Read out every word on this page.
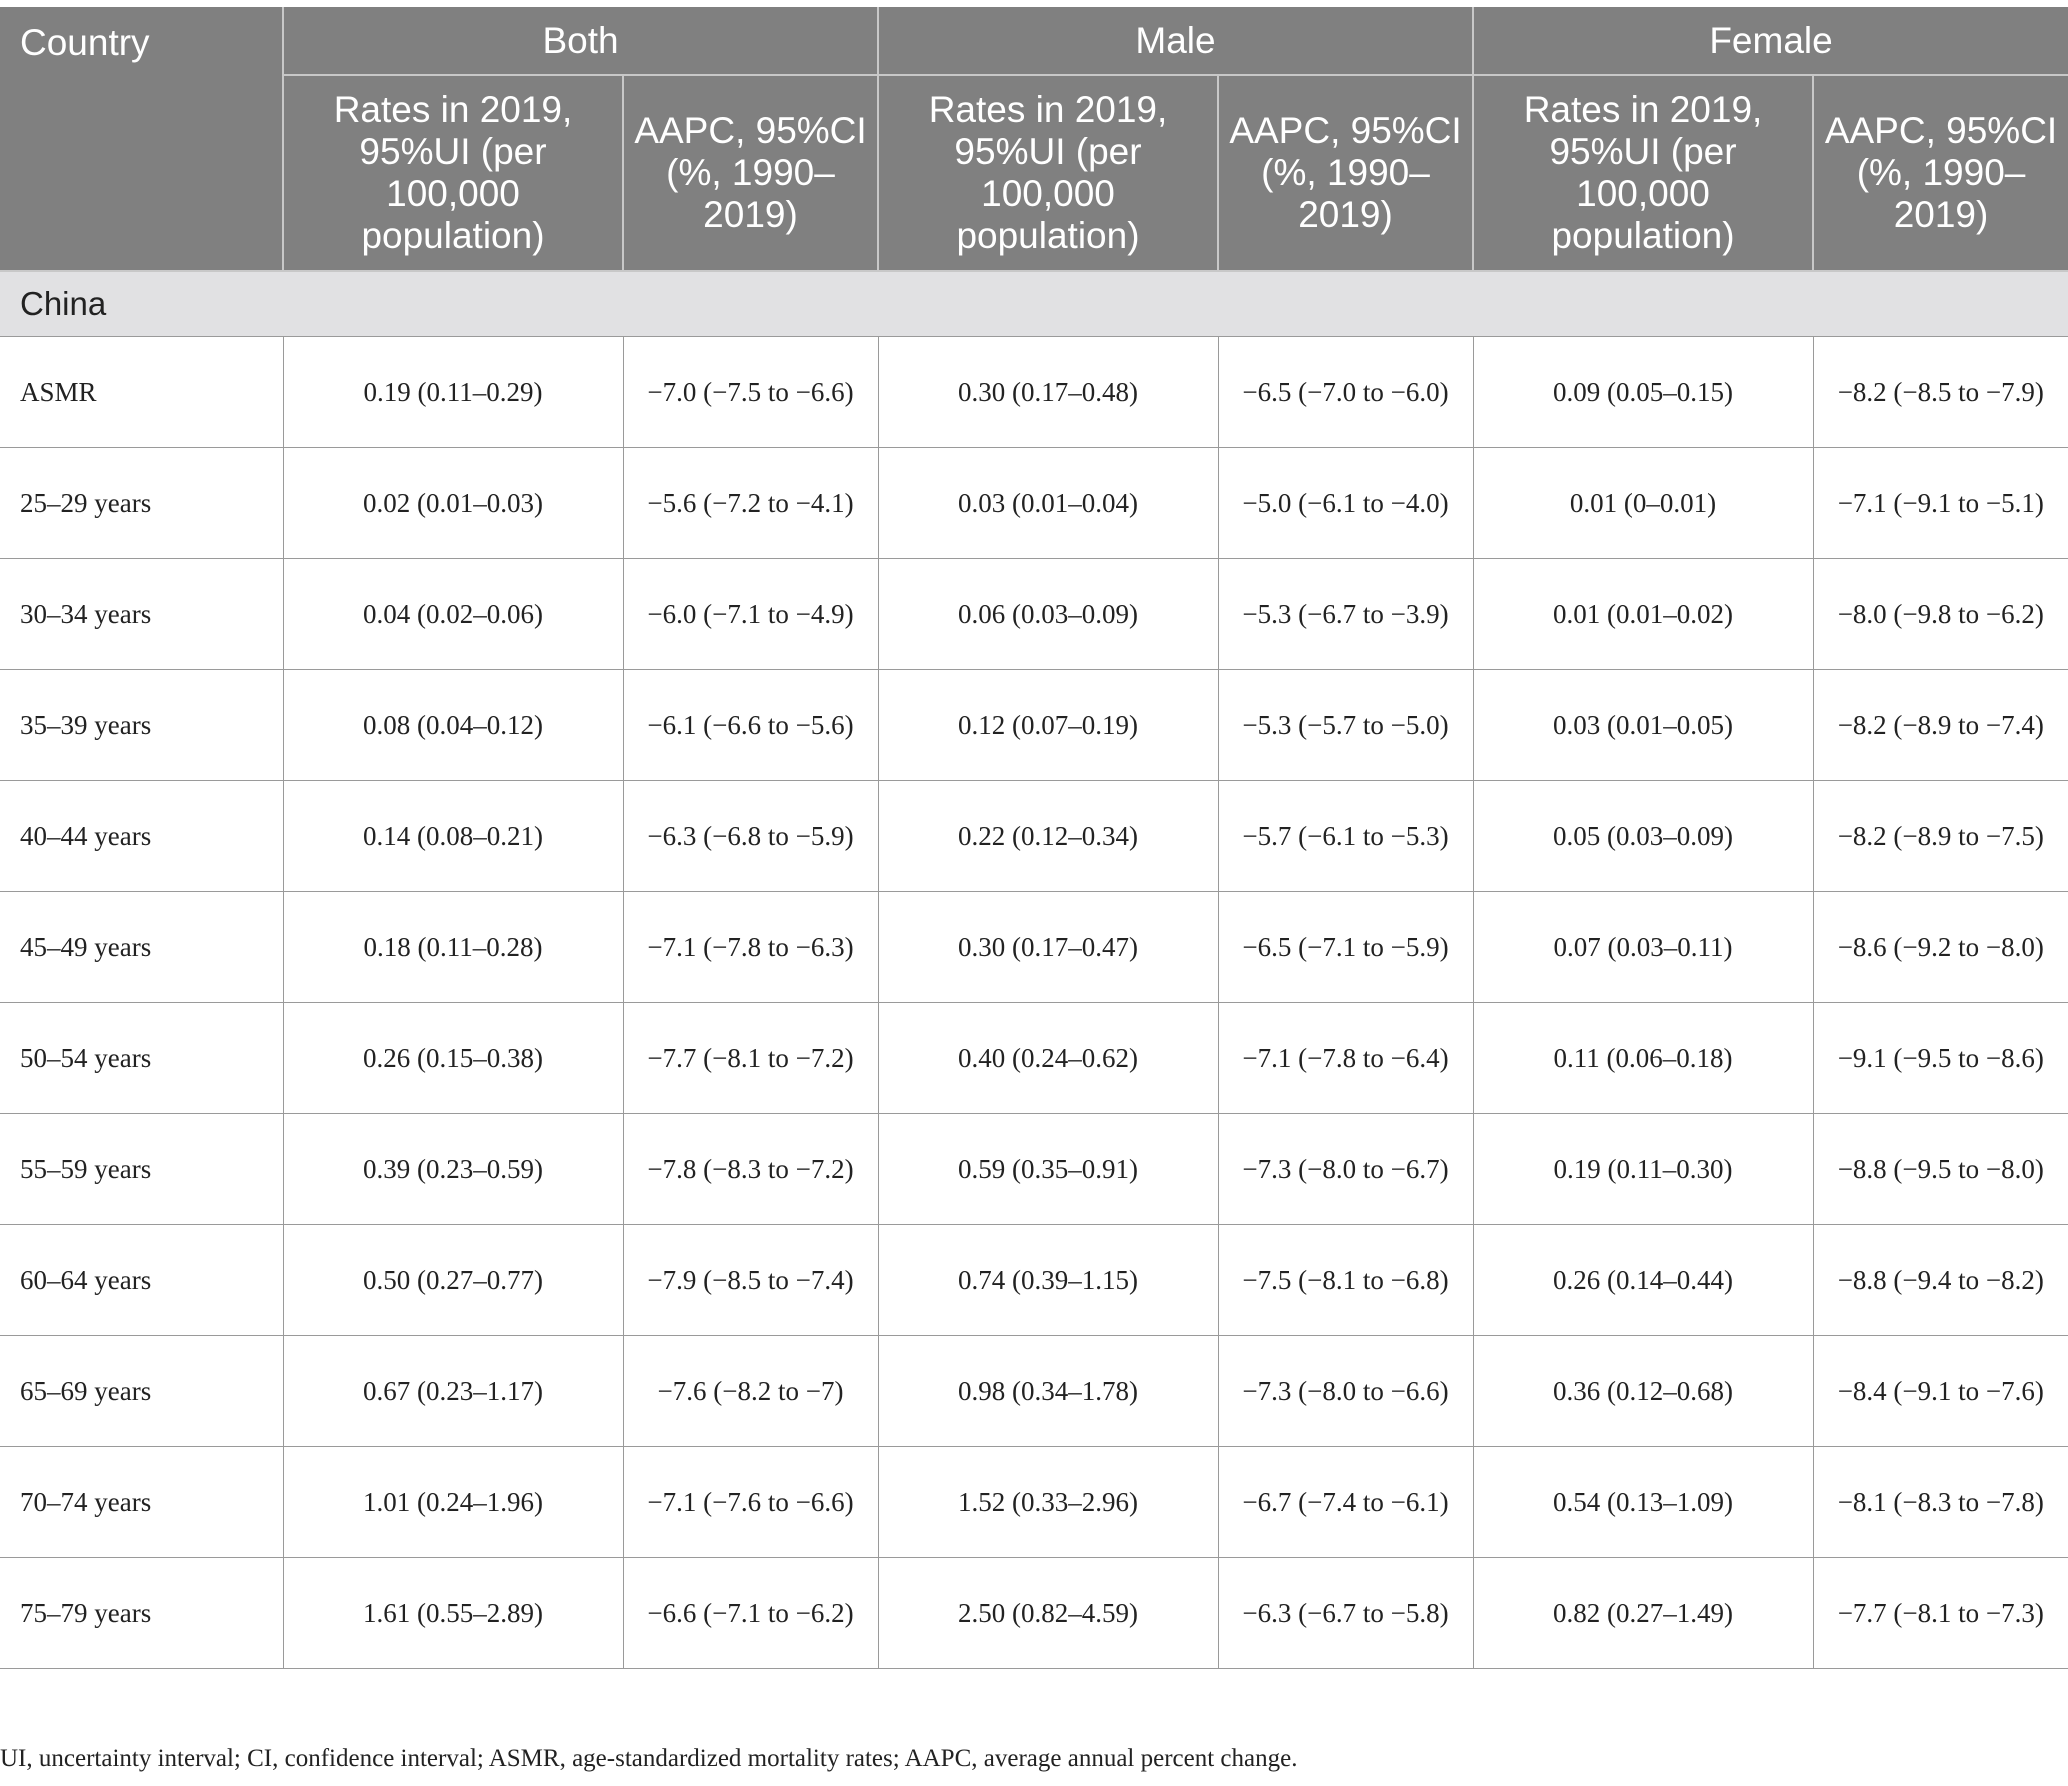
Country	Both		Male		Female	
	Rates in 2019, 95%UI (per 100,000 population)	AAPC, 95%CI (%, 1990–2019)	Rates in 2019, 95%UI (per 100,000 population)	AAPC, 95%CI (%, 1990–2019)	Rates in 2019, 95%UI (per 100,000 population)	AAPC, 95%CI (%, 1990–2019)
China						
ASMR	0.19 (0.11–0.29)	−7.0 (−7.5 to −6.6)	0.30 (0.17–0.48)	−6.5 (−7.0 to −6.0)	0.09 (0.05–0.15)	−8.2 (−8.5 to −7.9)
25–29 years	0.02 (0.01–0.03)	−5.6 (−7.2 to −4.1)	0.03 (0.01–0.04)	−5.0 (−6.1 to −4.0)	0.01 (0–0.01)	−7.1 (−9.1 to −5.1)
30–34 years	0.04 (0.02–0.06)	−6.0 (−7.1 to −4.9)	0.06 (0.03–0.09)	−5.3 (−6.7 to −3.9)	0.01 (0.01–0.02)	−8.0 (−9.8 to −6.2)
35–39 years	0.08 (0.04–0.12)	−6.1 (−6.6 to −5.6)	0.12 (0.07–0.19)	−5.3 (−5.7 to −5.0)	0.03 (0.01–0.05)	−8.2 (−8.9 to −7.4)
40–44 years	0.14 (0.08–0.21)	−6.3 (−6.8 to −5.9)	0.22 (0.12–0.34)	−5.7 (−6.1 to −5.3)	0.05 (0.03–0.09)	−8.2 (−8.9 to −7.5)
45–49 years	0.18 (0.11–0.28)	−7.1 (−7.8 to −6.3)	0.30 (0.17–0.47)	−6.5 (−7.1 to −5.9)	0.07 (0.03–0.11)	−8.6 (−9.2 to −8.0)
50–54 years	0.26 (0.15–0.38)	−7.7 (−8.1 to −7.2)	0.40 (0.24–0.62)	−7.1 (−7.8 to −6.4)	0.11 (0.06–0.18)	−9.1 (−9.5 to −8.6)
55–59 years	0.39 (0.23–0.59)	−7.8 (−8.3 to −7.2)	0.59 (0.35–0.91)	−7.3 (−8.0 to −6.7)	0.19 (0.11–0.30)	−8.8 (−9.5 to −8.0)
60–64 years	0.50 (0.27–0.77)	−7.9 (−8.5 to −7.4)	0.74 (0.39–1.15)	−7.5 (−8.1 to −6.8)	0.26 (0.14–0.44)	−8.8 (−9.4 to −8.2)
65–69 years	0.67 (0.23–1.17)	−7.6 (−8.2 to −7)	0.98 (0.34–1.78)	−7.3 (−8.0 to −6.6)	0.36 (0.12–0.68)	−8.4 (−9.1 to −7.6)
70–74 years	1.01 (0.24–1.96)	−7.1 (−7.6 to −6.6)	1.52 (0.33–2.96)	−6.7 (−7.4 to −6.1)	0.54 (0.13–1.09)	−8.1 (−8.3 to −7.8)
75–79 years	1.61 (0.55–2.89)	−6.6 (−7.1 to −6.2)	2.50 (0.82–4.59)	−6.3 (−6.7 to −5.8)	0.82 (0.27–1.49)	−7.7 (−8.1 to −7.3)
UI, uncertainty interval; CI, confidence interval; ASMR, age-standardized mortality rates; AAPC, average annual percent change.
